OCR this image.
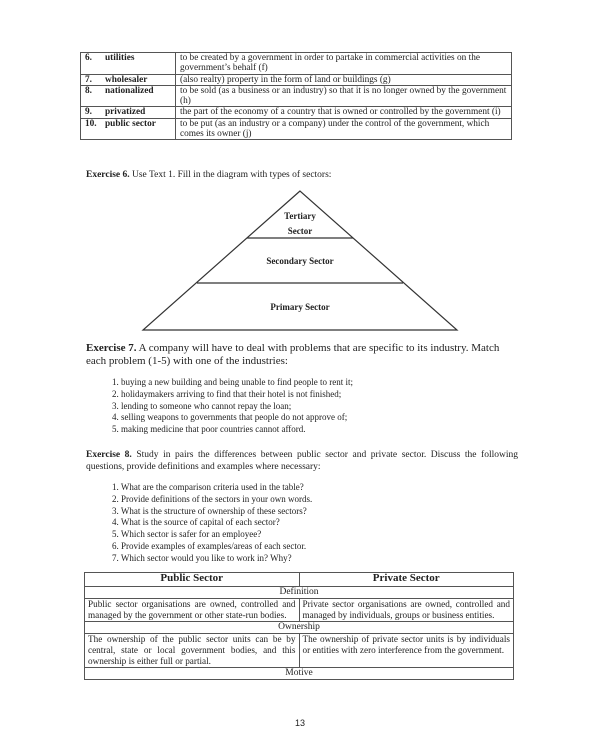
6. utilities	to be created by a government in order to partake in commercial activities on the government’s behalf (f)
7. wholesaler	(also realty) property in the form of land or buildings (g)
8. nationalized	to be sold (as a business or an industry) so that it is no longer owned by the government (h)
9. privatized	the part of the economy of a country that is owned or controlled by the government (i)
10. public sector	to be put (as an industry or a company) under the control of the government, which comes its owner (j)
Exercise 6. Use Text 1. Fill in the diagram with types of sectors:
Tertiary
Sector
Secondary Sector
Primary Sector
Exercise 7. A company will have to deal with problems that are specific to its industry. Match each problem (1-5) with one of the industries:
1. buying a new building and being unable to find people to rent it;
2. holidaymakers arriving to find that their hotel is not finished;
3. lending to someone who cannot repay the loan;
4. selling weapons to governments that people do not approve of;
5. making medicine that poor countries cannot afford.
Exercise 8. Study in pairs the differences between public sector and private sector. Discuss the following questions, provide definitions and examples where necessary:
1. What are the comparison criteria used in the table?
2. Provide definitions of the sectors in your own words.
3. What is the structure of ownership of these sectors?
4. What is the source of capital of each sector?
5. Which sector is safer for an employee?
6. Provide examples of examples/areas of each sector.
7. Which sector would you like to work in? Why?
Public Sector	Private Sector
Definition	
Public sector organisations are owned, controlled and managed by the government or other state-run bodies.	Private sector organisations are owned, controlled and managed by individuals, groups or business entities.
Ownership	
The ownership of the public sector units can be by central, state or local government bodies, and this ownership is either full or partial.	The ownership of private sector units is by individuals or entities with zero interference from the government.
Motive	
13
